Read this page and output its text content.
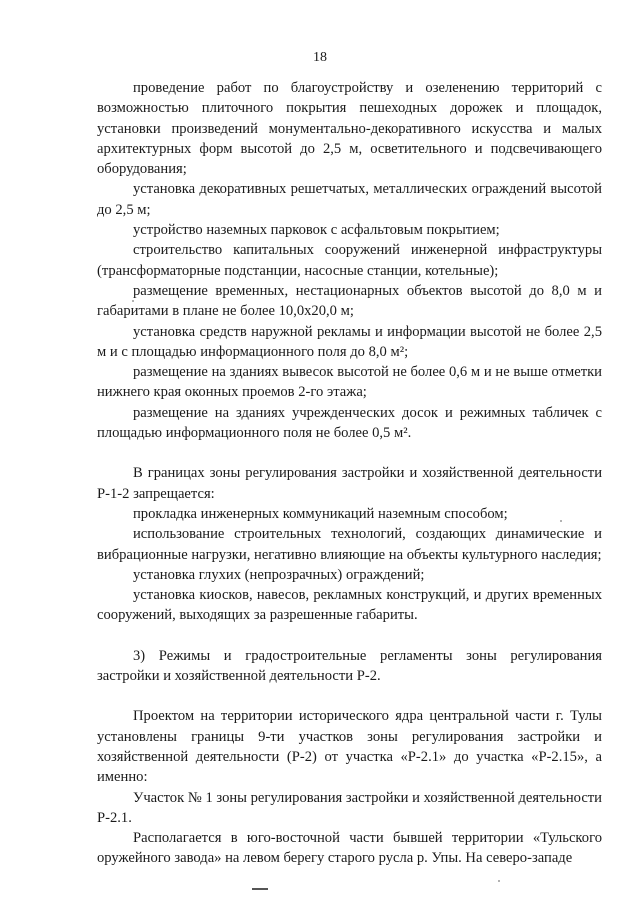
18

проведение работ по благоустройству и озеленению территорий с возможностью плиточного покрытия пешеходных дорожек и площадок, установки произведений монументально-декоративного искусства и малых архитектурных форм высотой до 2,5 м, осветительного и подсвечивающего оборудования;

установка декоративных решетчатых, металлических ограждений высотой до 2,5 м;

устройство наземных парковок с асфальтовым покрытием;

строительство капитальных сооружений инженерной инфраструктуры (трансформаторные подстанции, насосные станции, котельные);

размещение временных, нестационарных объектов высотой до 8,0 м и габаритами в плане не более 10,0х20,0 м;

установка средств наружной рекламы и информации высотой не более 2,5 м и с площадью информационного поля до 8,0 м²;

размещение на зданиях вывесок высотой не более 0,6 м и не выше отметки нижнего края оконных проемов 2-го этажа;

размещение на зданиях учрежденческих досок и режимных табличек с площадью информационного поля не более 0,5 м².

В границах зоны регулирования застройки и хозяйственной деятельности Р-1-2 запрещается:

прокладка инженерных коммуникаций наземным способом;

использование строительных технологий, создающих динамические и вибрационные нагрузки, негативно влияющие на объекты культурного наследия;

установка глухих (непрозрачных) ограждений;

установка киосков, навесов, рекламных конструкций, и других временных сооружений, выходящих за разрешенные габариты.

3) Режимы и градостроительные регламенты зоны регулирования застройки и хозяйственной деятельности Р-2.

Проектом на территории исторического ядра центральной части г. Тулы установлены границы 9-ти участков зоны регулирования застройки и хозяйственной деятельности (Р-2) от участка «Р-2.1» до участка «Р-2.15», а именно:

Участок № 1 зоны регулирования застройки и хозяйственной деятельности Р-2.1.

Располагается в юго-восточной части бывшей территории «Тульского оружейного завода» на левом берегу старого русла р. Упы. На северо-западе
